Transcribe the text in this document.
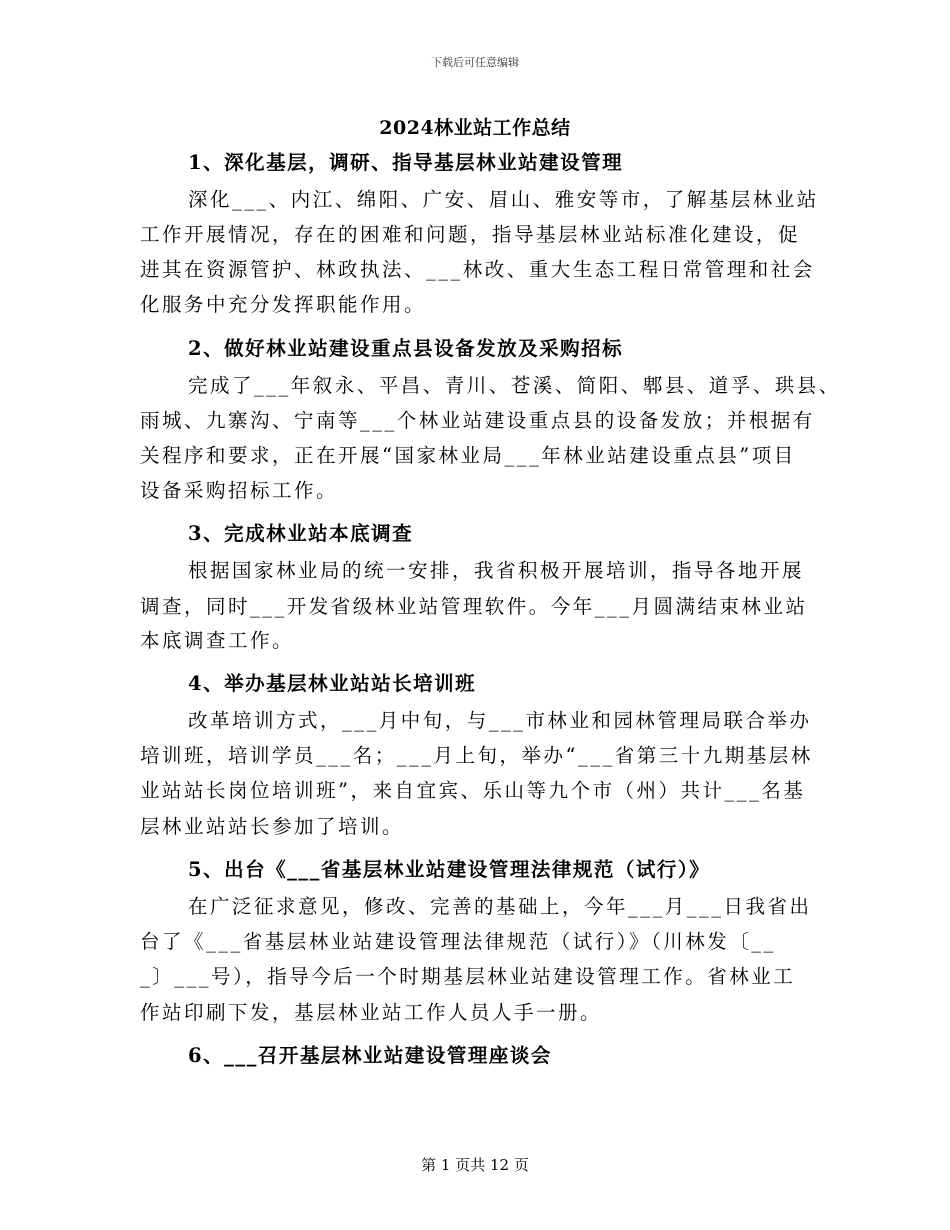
下载后可任意编辑
2024林业站工作总结
1、深化基层，调研、指导基层林业站建设管理
深化___、内江、绵阳、广安、眉山、雅安等市，了解基层林业站
工作开展情况，存在的困难和问题，指导基层林业站标准化建设，促
进其在资源管护、林政执法、___林改、重大生态工程日常管理和社会
化服务中充分发挥职能作用。
2、做好林业站建设重点县设备发放及采购招标
完成了___年叙永、平昌、青川、苍溪、简阳、郫县、道孚、珙县、
雨城、九寨沟、宁南等___个林业站建设重点县的设备发放；并根据有
关程序和要求，正在开展“国家林业局___年林业站建设重点县”项目
设备采购招标工作。
3、完成林业站本底调查
根据国家林业局的统一安排，我省积极开展培训，指导各地开展
调查，同时___开发省级林业站管理软件。今年___月圆满结束林业站
本底调查工作。
4、举办基层林业站站长培训班
改革培训方式，___月中旬，与___市林业和园林管理局联合举办
培训班，培训学员___名；___月上旬，举办“___省第三十九期基层林
业站站长岗位培训班”，来自宜宾、乐山等九个市（州）共计___名基
层林业站站长参加了培训。
5、出台《___省基层林业站建设管理法律规范（试行）》
在广泛征求意见，修改、完善的基础上，今年___月___日我省出
台了《___省基层林业站建设管理法律规范（试行）》（川林发〔__
_〕___号），指导今后一个时期基层林业站建设管理工作。省林业工
作站印刷下发，基层林业站工作人员人手一册。
6、___召开基层林业站建设管理座谈会
第 1 页共 12 页
